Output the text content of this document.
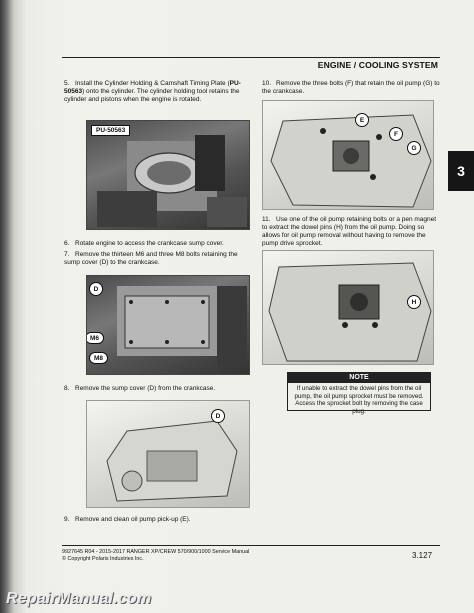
ENGINE / COOLING SYSTEM
3
5. Install the Cylinder Holding & Camshaft Timing Plate (PU-50563) onto the cylinder. The cylinder holding tool retains the cylinder and pistons when the engine is rotated.
PU-50563
6. Rotate engine to access the crankcase sump cover.
7. Remove the thirteen M6 and three M8 bolts retaining the sump cover (D) to the crankcase.
D
M6
M8
8. Remove the sump cover (D) from the crankcase.
D
9. Remove and clean oil pump pick-up (E).
10. Remove the three bolts (F) that retain the oil pump (G) to the crankcase.
E
F
G
11. Use one of the oil pump retaining bolts or a pen magnet to extract the dowel pins (H) from the oil pump. Doing so allows for oil pump removal without having to remove the pump drive sprocket.
H
NOTE
If unable to extract the dowel pins from the oil pump, the oil pump sprocket must be removed. Access the sprocket bolt by removing the case plug.
9927645 R04 - 2015-2017 RANGER XP/CREW 570/900/1000 Service Manual
© Copyright Polaris Industries Inc.	3.127
RepairManual.com
